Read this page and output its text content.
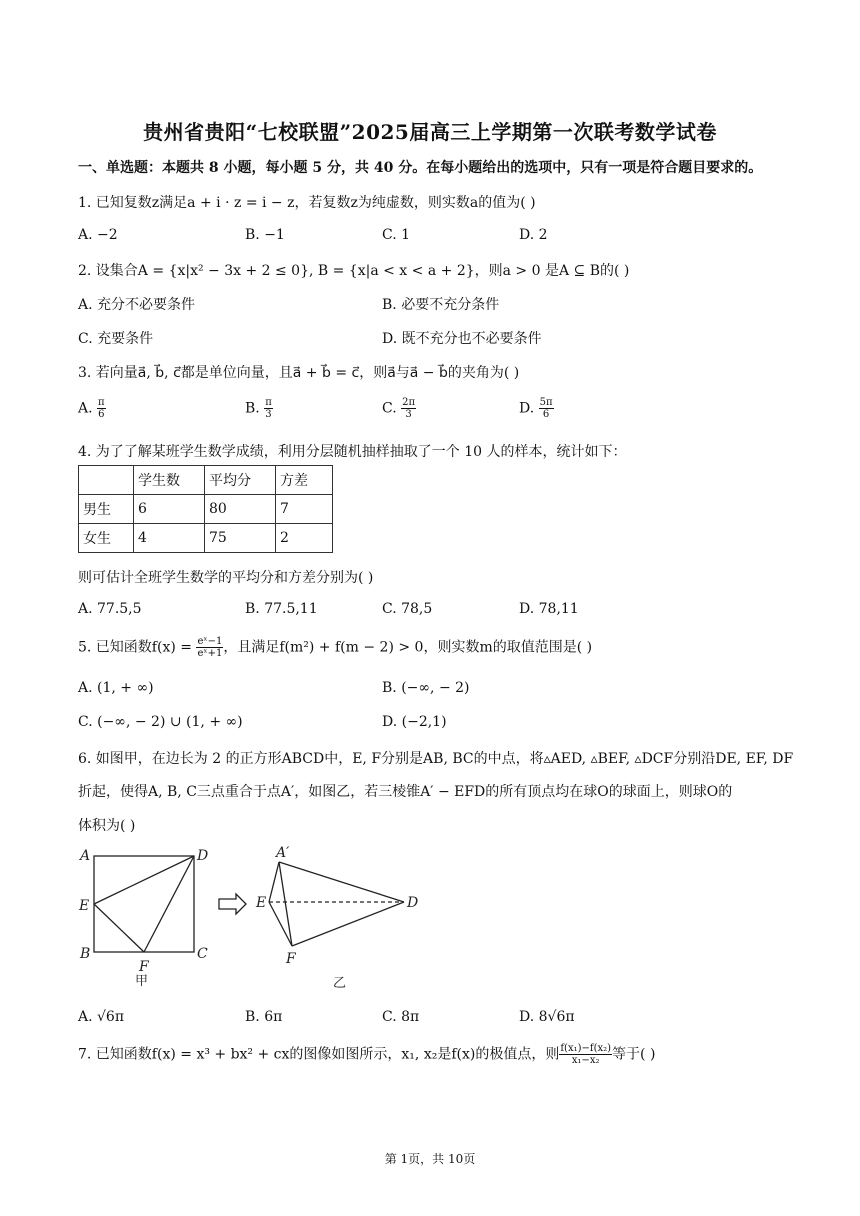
贵州省贵阳“七校联盟”2025届高三上学期第一次联考数学试卷
一、单选题：本题共 8 小题，每小题 5 分，共 40 分。在每小题给出的选项中，只有一项是符合题目要求的。
1. 已知复数z满足a + i · z = i − z，若复数z为纯虚数，则实数a的值为( )
A. −2	B. −1	C. 1	D. 2
2. 设集合A = {x|x² − 3x + 2 ≤ 0}, B = {x|a < x < a + 2}，则a > 0 是A ⊆ B的( )
A. 充分不必要条件	B. 必要不充分条件
C. 充要条件	D. 既不充分也不必要条件
3. 若向量a⃗, b⃗, c⃗都是单位向量，且a⃗ + b⃗ = c⃗，则a⃗与a⃗ − b⃗的夹角为( )
A. $\frac{\pi}{6}$	B. $\frac{\pi}{3}$	C. $\frac{2\pi}{3}$	D. $\frac{5\pi}{6}$
4. 为了了解某班学生数学成绩，利用分层随机抽样抽取了一个 10 人的样本，统计如下：
	学生数	平均分	方差
男生	6	80	7
女生	4	75	2
则可估计全班学生数学的平均分和方差分别为( )
A. 77.5,5	B. 77.5,11	C. 78,5	D. 78,11
5. 已知函数$f(x) = \frac{\text{eˣ−1}}{\text{eˣ+1}}$ ，且满足f(m²) + f(m − 2) > 0，则实数m的取值范围是( )
A. (1, + ∞)	B. (−∞, − 2)
C. (−∞, − 2) ∪ (1, + ∞)	D. (−2,1)
6. 如图甲，在边长为 2 的正方形ABCD中，E, F分别是AB, BC的中点，将▵AED, ▵BEF, ▵DCF分别沿DE, EF, DF
折起，使得A, B, C三点重合于点A′，如图乙，若三棱锥A′ − EFD的所有顶点均在球O的球面上，则球O的
体积为( )
A	D
E
B
F
C
甲
A′
E	D
F
乙
A. √6π	B. 6π	C. 8π	D. 8√6π
7. 已知函数f(x) = x³ + bx² + cx的图像如图所示，x₁, x₂是f(x)的极值点，则 $\frac{\text{f(x₁)−f(x₂)}}{\text{x₁−x₂}}$ 等于( )
第 1页，共 10页
